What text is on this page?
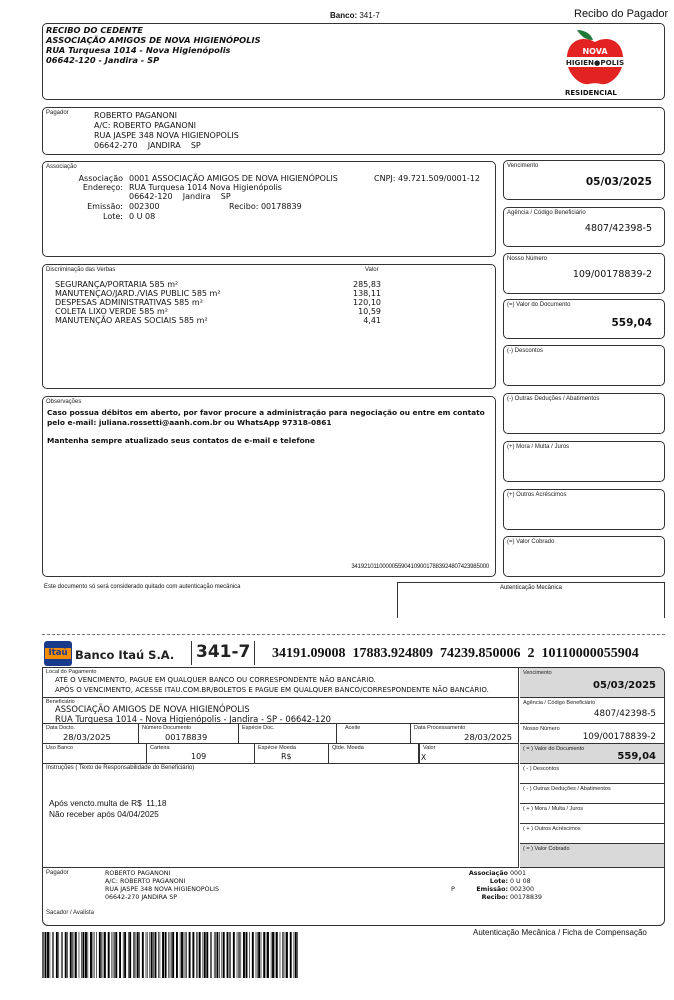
Banco: 341-7	Recibo do Pagador
RECIBO DO CEDENTE
ASSOCIAÇÃO AMIGOS DE NOVA HIGIENÓPOLIS
RUA Turquesa 1014 - Nova Higienópolis
06642-120 - Jandira - SP
NOVA
HIGIEN●POLIS
RESIDENCIAL
Pagador	ROBERTO PAGANONI
A/C: ROBERTO PAGANONI
RUA JASPE 348 NOVA HIGIENOPOLIS
06642-270    JANDIRA    SP
Associação
Associação 0001 ASSOCIAÇÃO AMIGOS DE NOVA HIGIENÓPOLIS	CNPJ: 49.721.509/0001-12
Endereço: RUA Turquesa 1014 Nova Higienópolis
06642-120    Jandira    SP
Emissão: 002300	Recibo: 00178839
Lote: 0 U 08
Discriminação das Verbas	Valor
SEGURANÇA/PORTARIA 585 m²	285,83
MANUTENÇAO/JARD./VIAS PUBLIC 585 m²	138,11
DESPESAS ADMINISTRATIVAS 585 m²	120,10
COLETA LIXO VERDE 585 m²	10,59
MANUTENÇÃO AREAS SOCIAIS 585 m²	4,41
Observações
Caso possua débitos em aberto, por favor procure a administração para negociação ou entre em contato
pelo e-mail: juliana.rossetti@aanh.com.br ou WhatsApp 97318-0861
Mantenha sempre atualizado seus contatos de e-mail e telefone
34192101100000559041090017883924807423985000
Vencimento
05/03/2025
Agência / Código Beneficiário
4807/42398-5
Nosso Número
109/00178839-2
(=) Valor do Documento
559,04
(-) Descontos
(-) Outras Deduções / Abatimentos
(+) Mora / Multa / Juros
(+) Outros Acréscimos
(=) Valor Cobrado
Este documento só será considerado quitado com autenticação mecânica	Autenticação Mecânica
Itaú Banco Itaú S.A. 341-7 34191.09008  17883.924809  74239.850006  2  10110000055904
Local do Pagamento
ATÉ O VENCIMENTO, PAGUE EM QUALQUER BANCO OU CORRESPONDENTE NÃO BANCÁRIO.
APÓS O VENCIMENTO, ACESSE ITAU.COM.BR/BOLETOS E PAGUE EM QUALQUER BANCO/CORRESPONDENTE NÃO BANCÁRIO.
Beneficiário
ASSOCIAÇÃO AMIGOS DE NOVA HIGIENÓPOLIS
RUA Turquesa 1014 - Nova Higienópolis - Jandira - SP - 06642-120
Data Docto.
28/03/2025
Número Documento
00178839
Espécie Doc.	Aceite	Data Processamento
28/03/2025
Uso Banco	Carteira
109
Espécie Moeda
R$
Qtde. Moeda	Valor
X
Instruções ( Texto de Responsabilidade do Beneficiário)
Após vencto.multa de R$  11,18
Não receber após 04/04/2025
Vencimento
05/03/2025
Agência / Código Beneficiário
4807/42398-5
Nosso Número
109/00178839-2
( = ) Valor do Documento
559,04
( - ) Descontos
( - ) Outras Deduções / Abatimentos
( + ) Mora / Multa / Juros
( + ) Outros Acréscimos
( = ) Valor Cobrado
Pagador	ROBERTO PAGANONI
A/C: ROBERTO PAGANONI
RUA JASPE 348 NOVA HIGIENOPOLIS
06642-270 JANDIRA SP
P
Associação 0001
Lote: 0 U 08
Emissão: 002300
Recibo: 00178839
Sacador / Avalista
Autenticação Mecânica / Ficha de Compensação
